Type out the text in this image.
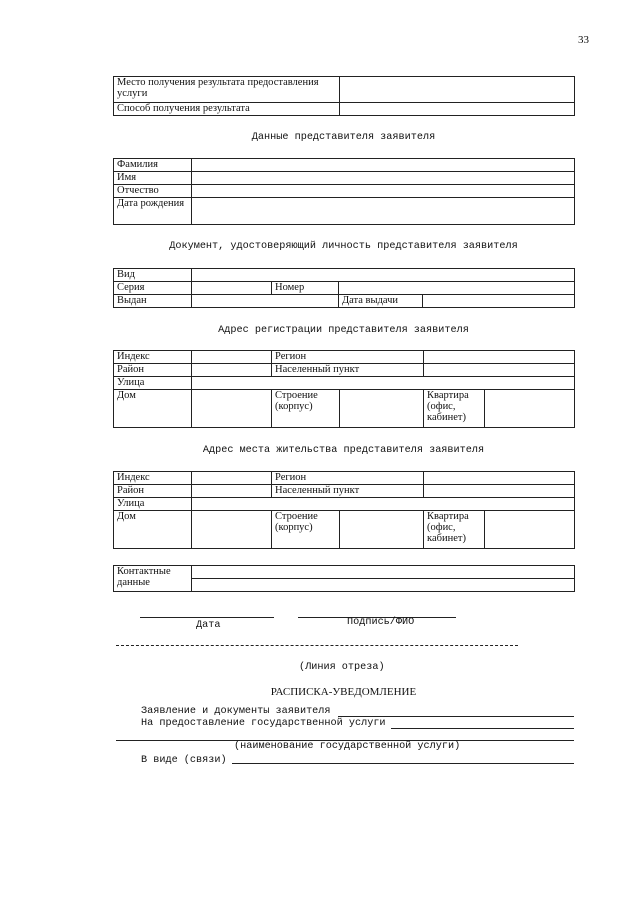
33
Место получения результата предоставления услуги	
Способ получения результата	
Данные представителя заявителя
Фамилия	
Имя	
Отчество	
Дата рождения	
Документ, удостоверяющий личность представителя заявителя
Вид				
Серия		Номер		
Выдан			Дата выдачи	
Адрес регистрации представителя заявителя
Индекс		Регион			
Район		Населенный пункт			
Улица					
Дом		Строение (корпус)		Квартира (офис, кабинет)	
Адрес места жительства представителя заявителя
Индекс		Регион			
Район		Населенный пункт			
Улица					
Дом		Строение (корпус)		Квартира (офис, кабинет)	
Контактные данные	

Дата	Подпись/ФИО
(Линия отреза)
РАСПИСКА-УВЕДОМЛЕНИЕ
Заявление и документы заявителя
На предоставление государственной услуги
(наименование государственной услуги)
В виде (связи)
